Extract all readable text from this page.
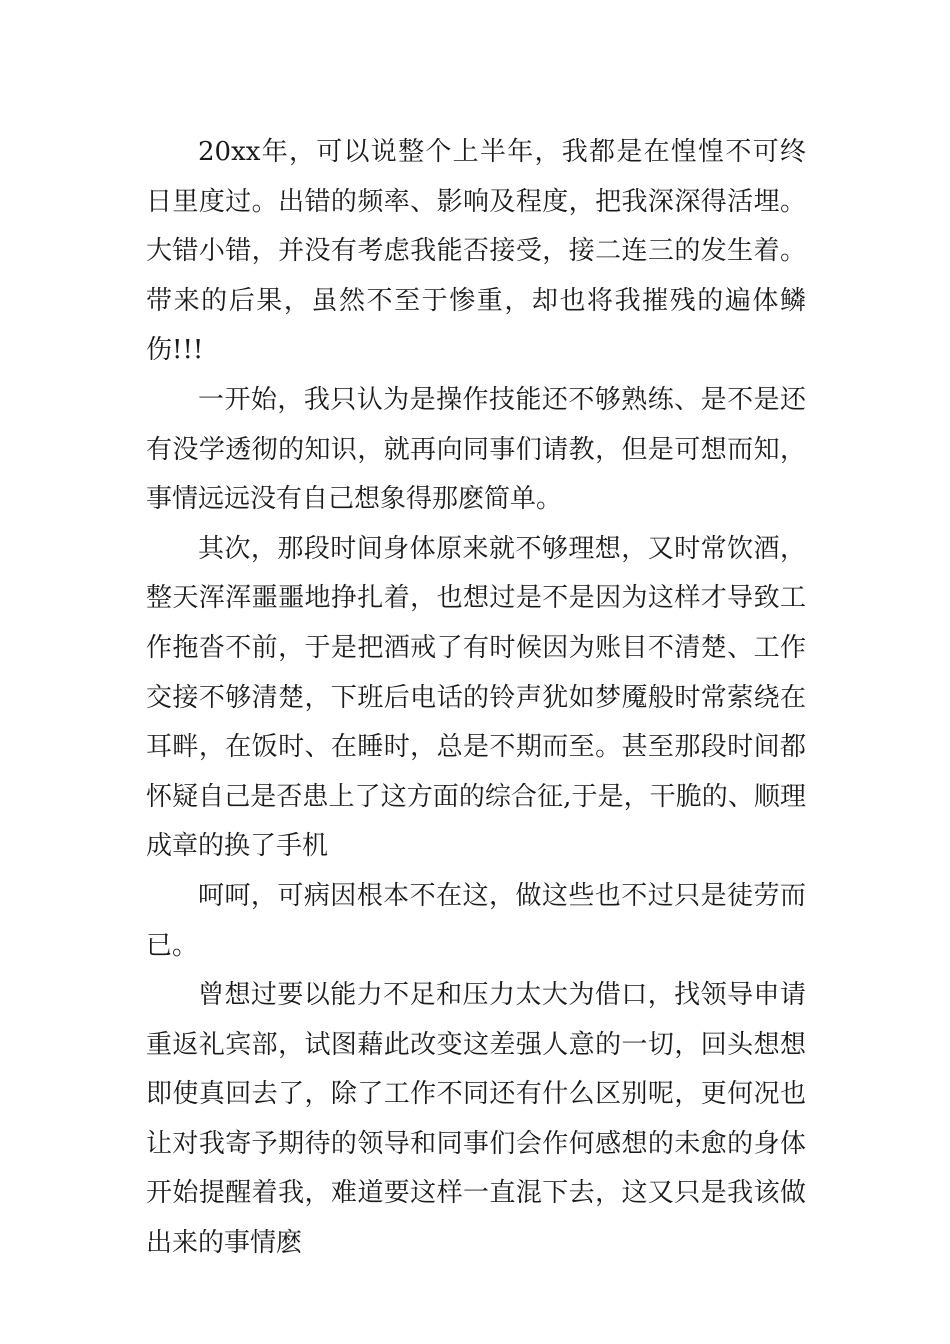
20xx年，可以说整个上半年，我都是在惶惶不可终日里度过。出错的频率、影响及程度，把我深深得活埋。大错小错，并没有考虑我能否接受，接二连三的发生着。带来的后果，虽然不至于惨重，却也将我摧残的遍体鳞伤!!!

一开始，我只认为是操作技能还不够熟练、是不是还有没学透彻的知识，就再向同事们请教，但是可想而知，事情远远没有自己想象得那麽简单。

其次，那段时间身体原来就不够理想，又时常饮酒，整天浑浑噩噩地挣扎着，也想过是不是因为这样才导致工作拖沓不前，于是把酒戒了有时候因为账目不清楚、工作交接不够清楚，下班后电话的铃声犹如梦魇般时常萦绕在耳畔，在饭时、在睡时，总是不期而至。甚至那段时间都怀疑自己是否患上了这方面的综合征,于是，干脆的、顺理成章的换了手机

呵呵，可病因根本不在这，做这些也不过只是徒劳而已。

曾想过要以能力不足和压力太大为借口，找领导申请重返礼宾部，试图藉此改变这差强人意的一切，回头想想即使真回去了，除了工作不同还有什么区别呢，更何况也让对我寄予期待的领导和同事们会作何感想的未愈的身体开始提醒着我，难道要这样一直混下去，这又只是我该做出来的事情麽
